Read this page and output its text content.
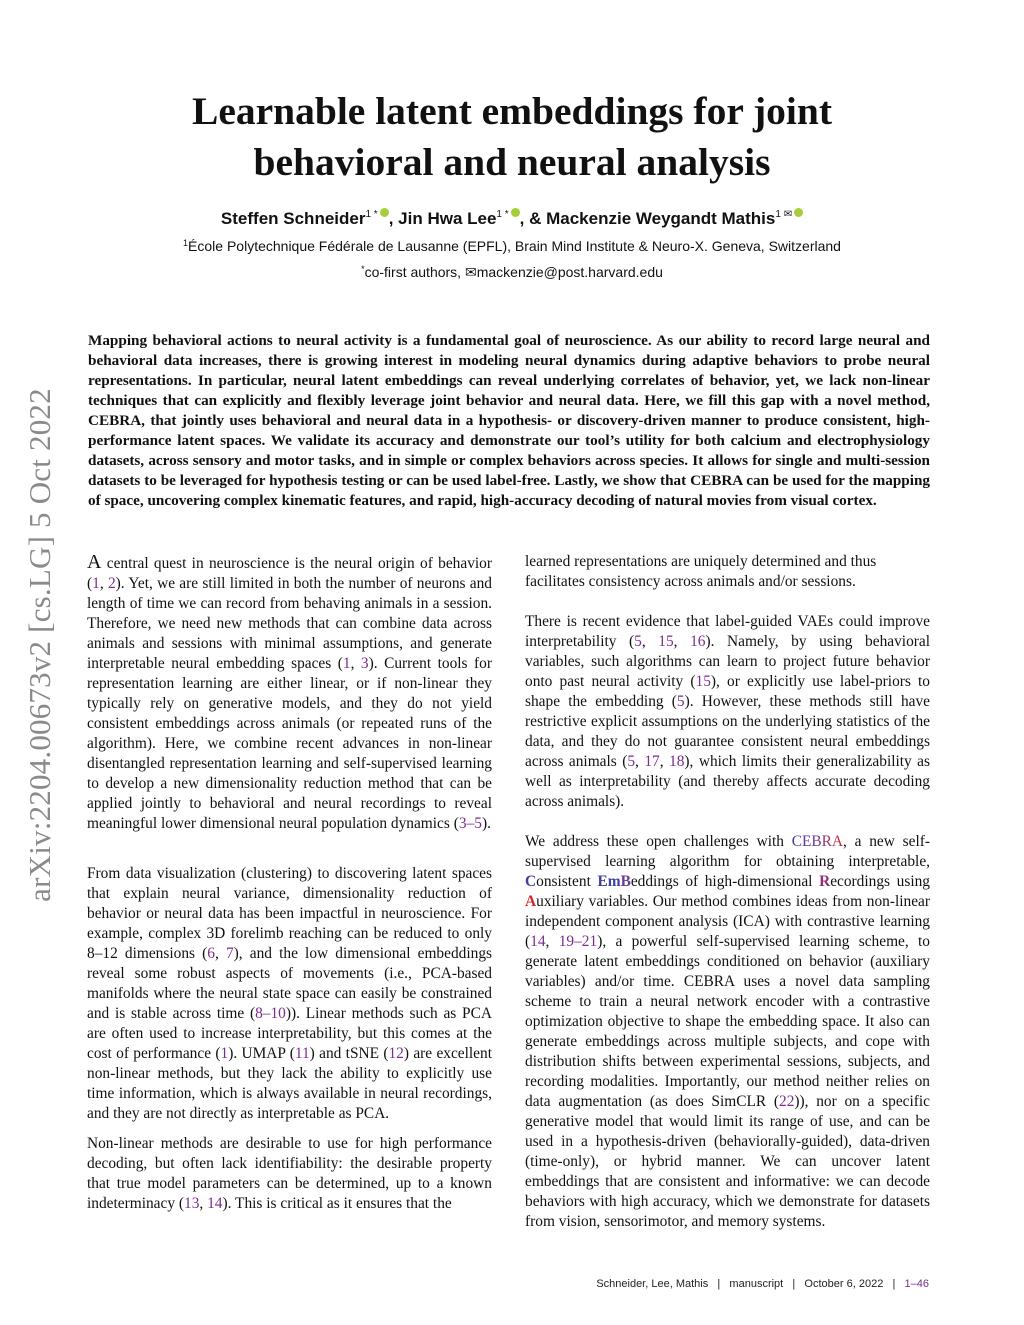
arXiv:2204.00673v2 [cs.LG] 5 Oct 2022
Learnable latent embeddings for joint
behavioral and neural analysis
Steffen Schneider$^{1 *}$ , Jin Hwa Lee$^{1 *}$ , & Mackenzie Weygandt Mathis$^{1 ✉}$
$^1$École Polytechnique Fédérale de Lausanne (EPFL), Brain Mind Institute & Neuro-X. Geneva, Switzerland
*co-first authors, ✉mackenzie@post.harvard.edu
Mapping behavioral actions to neural activity is a fundamental goal of neuroscience. As our ability to record large neural and behavioral data increases, there is growing interest in modeling neural dynamics during adaptive behaviors to probe neural representations. In particular, neural latent embeddings can reveal underlying correlates of behavior, yet, we lack non-linear techniques that can explicitly and flexibly leverage joint behavior and neural data. Here, we fill this gap with a novel method, CEBRA, that jointly uses behavioral and neural data in a hypothesis- or discovery-driven manner to produce consistent, high-performance latent spaces. We validate its accuracy and demonstrate our tool’s utility for both calcium and electrophysiology datasets, across sensory and motor tasks, and in simple or complex behaviors across species. It allows for single and multi-session datasets to be leveraged for hypothesis testing or can be used label-free. Lastly, we show that CEBRA can be used for the mapping of space, uncovering complex kinematic features, and rapid, high-accuracy decoding of natural movies from visual cortex.

A central quest in neuroscience is the neural origin of behavior (1, 2). Yet, we are still limited in both the number of neurons and length of time we can record from behaving animals in a session. Therefore, we need new methods that can combine data across animals and sessions with minimal assumptions, and generate interpretable neural embedding spaces (1, 3). Current tools for representation learning are either linear, or if non-linear they typically rely on generative models, and they do not yield consistent embeddings across animals (or repeated runs of the algorithm). Here, we combine recent advances in non-linear disentangled representation learning and self-supervised learning to develop a new dimensionality reduction method that can be applied jointly to behavioral and neural recordings to reveal meaningful lower dimensional neural population dynamics (3–5).

From data visualization (clustering) to discovering latent spaces that explain neural variance, dimensionality reduction of behavior or neural data has been impactful in neuroscience. For example, complex 3D forelimb reaching can be reduced to only 8–12 dimensions (6, 7), and the low dimensional embeddings reveal some robust aspects of movements (i.e., PCA-based manifolds where the neural state space can easily be constrained and is stable across time (8–10)). Linear methods such as PCA are often used to increase interpretability, but this comes at the cost of performance (1). UMAP (11) and tSNE (12) are excellent non-linear methods, but they lack the ability to explicitly use time information, which is always available in neural recordings, and they are not directly as interpretable as PCA.

Non-linear methods are desirable to use for high performance decoding, but often lack identifiability: the desirable property that true model parameters can be determined, up to a known indeterminacy (13, 14). This is critical as it ensures that the

learned representations are uniquely determined and thus facilitates consistency across animals and/or sessions.

There is recent evidence that label-guided VAEs could improve interpretability (5, 15, 16). Namely, by using behavioral variables, such algorithms can learn to project future behavior onto past neural activity (15), or explicitly use label-priors to shape the embedding (5). However, these methods still have restrictive explicit assumptions on the underlying statistics of the data, and they do not guarantee consistent neural embeddings across animals (5, 17, 18), which limits their generalizability as well as interpretability (and thereby affects accurate decoding across animals).

We address these open challenges with CEBRA, a new self-supervised learning algorithm for obtaining interpretable, Consistent EmBeddings of high-dimensional Recordings using Auxiliary variables. Our method combines ideas from non-linear independent component analysis (ICA) with contrastive learning (14, 19–21), a powerful self-supervised learning scheme, to generate latent embeddings conditioned on behavior (auxiliary variables) and/or time. CEBRA uses a novel data sampling scheme to train a neural network encoder with a contrastive optimization objective to shape the embedding space. It also can generate embeddings across multiple subjects, and cope with distribution shifts between experimental sessions, subjects, and recording modalities. Importantly, our method neither relies on data augmentation (as does SimCLR (22)), nor on a specific generative model that would limit its range of use, and can be used in a hypothesis-driven (behaviorally-guided), data-driven (time-only), or hybrid manner. We can uncover latent embeddings that are consistent and informative: we can decode behaviors with high accuracy, which we demonstrate for datasets from vision, sensorimotor, and memory systems.

Schneider, Lee, Mathis   |   manuscript   |   October 6, 2022   |   1–46
